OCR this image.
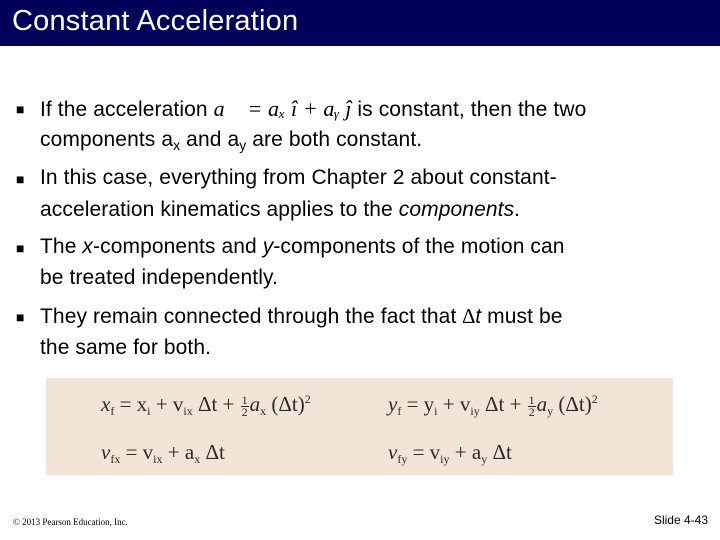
Constant Acceleration
■ If the acceleration a⃗ = aₓ î + aᵧ ĵ is constant, then the two
components $a_x$ and $a_y$ are both constant.
■ In this case, everything from Chapter 2 about constant-
acceleration kinematics applies to the components.
■ The x-components and y-components of the motion can
be treated independently.
■ They remain connected through the fact that ∆t must be
the same for both.
$x_f = x_i + v_{ix}$ $\Delta t + \frac{1}{2} a_x$ $(\Delta t)^2$	$y_f = y_i + v_{iy}$ $\Delta t + \frac{1}{2} a_y$ $(\Delta t)^2$
$v_{fx} = v_{ix} + a_x$ Δt	$v_{fy} = v_{iy} + a_y$ Δt
© 2013 Pearson Education, Inc.	Slide 4-43
